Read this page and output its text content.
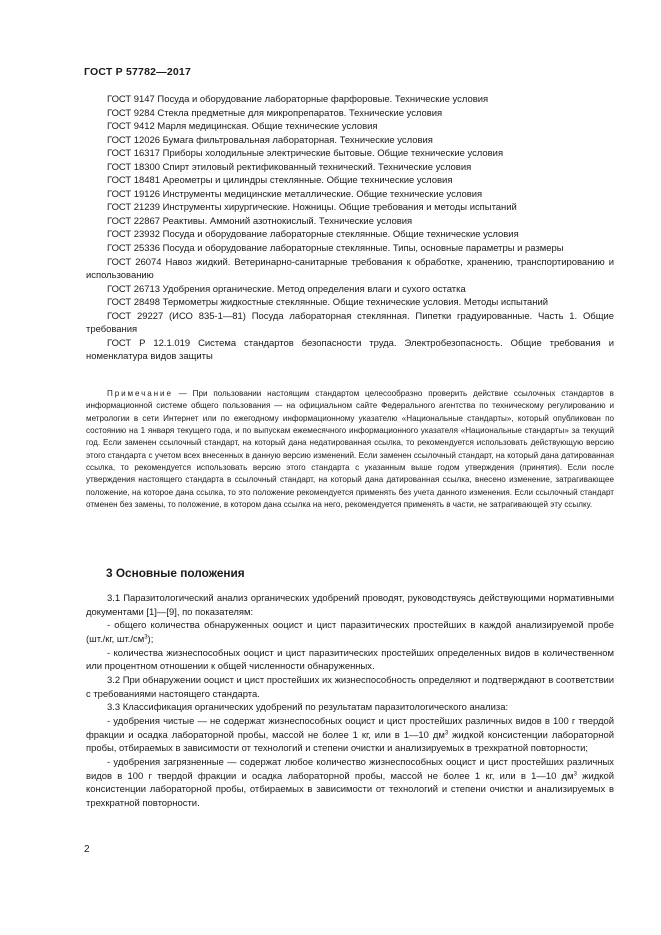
ГОСТ Р 57782—2017

ГОСТ 9147 Посуда и оборудование лабораторные фарфоровые. Технические условия

ГОСТ 9284 Стекла предметные для микропрепаратов. Технические условия

ГОСТ 9412 Марля медицинская. Общие технические условия

ГОСТ 12026 Бумага фильтровальная лабораторная. Технические условия

ГОСТ 16317 Приборы холодильные электрические бытовые. Общие технические условия

ГОСТ 18300 Спирт этиловый ректификованный технический. Технические условия

ГОСТ 18481 Ареометры и цилиндры стеклянные. Общие технические условия

ГОСТ 19126 Инструменты медицинские металлические. Общие технические условия

ГОСТ 21239 Инструменты хирургические. Ножницы. Общие требования и методы испытаний

ГОСТ 22867 Реактивы. Аммоний азотнокислый. Технические условия

ГОСТ 23932 Посуда и оборудование лабораторные стеклянные. Общие технические условия

ГОСТ 25336 Посуда и оборудование лабораторные стеклянные. Типы, основные параметры и размеры

ГОСТ 26074 Навоз жидкий. Ветеринарно-санитарные требования к обработке, хранению, транспортированию и использованию

ГОСТ 26713 Удобрения органические. Метод определения влаги и сухого остатка

ГОСТ 28498 Термометры жидкостные стеклянные. Общие технические условия. Методы испытаний

ГОСТ 29227 (ИСО 835-1—81) Посуда лабораторная стеклянная. Пипетки градуированные. Часть 1. Общие требования

ГОСТ Р 12.1.019 Система стандартов безопасности труда. Электробезопасность. Общие требования и номенклатура видов защиты

Примечание — При пользовании настоящим стандартом целесообразно проверить действие ссылочных стандартов в информационной системе общего пользования — на официальном сайте Федерального агентства по техническому регулированию и метрологии в сети Интернет или по ежегодному информационному указателю «Национальные стандарты», который опубликован по состоянию на 1 января текущего года, и по выпускам ежемесячного информационного указателя «Национальные стандарты» за текущий год. Если заменен ссылочный стандарт, на который дана недатированная ссылка, то рекомендуется использовать действующую версию этого стандарта с учетом всех внесенных в данную версию изменений. Если заменен ссылочный стандарт, на который дана датированная ссылка, то рекомендуется использовать версию этого стандарта с указанным выше годом утверждения (принятия). Если после утверждения настоящего стандарта в ссылочный стандарт, на который дана датированная ссылка, внесено изменение, затрагивающее положение, на которое дана ссылка, то это положение рекомендуется применять без учета данного изменения. Если ссылочный стандарт отменен без замены, то положение, в котором дана ссылка на него, рекомендуется применять в части, не затрагивающей эту ссылку.

3 Основные положения

3.1 Паразитологический анализ органических удобрений проводят, руководствуясь действующими нормативными документами [1]—[9], по показателям:

- общего количества обнаруженных ооцист и цист паразитических простейших в каждой анализируемой пробе (шт./кг, $шт./см^3$);

- количества жизнеспособных ооцист и цист паразитических простейших определенных видов в количественном или процентном отношении к общей численности обнаруженных.

3.2 При обнаружении ооцист и цист простейших их жизнеспособность определяют и подтверждают в соответствии с требованиями настоящего стандарта.

3.3 Классификация органических удобрений по результатам паразитологического анализа:

- удобрения чистые — не содержат жизнеспособных ооцист и цист простейших различных видов в 100 г твердой фракции и осадка лабораторной пробы, массой не более 1 кг, или в 1—10 $дм^3$ жидкой консистенции лабораторной пробы, отбираемых в зависимости от технологий и степени очистки и анализируемых в трехкратной повторности;

- удобрения загрязненные — содержат любое количество жизнеспособных ооцист и цист простейших различных видов в 100 г твердой фракции и осадка лабораторной пробы, массой не более 1 кг, или в 1—10 $дм^3$ жидкой консистенции лабораторной пробы, отбираемых в зависимости от технологий и степени очистки и анализируемых в трехкратной повторности.

2
